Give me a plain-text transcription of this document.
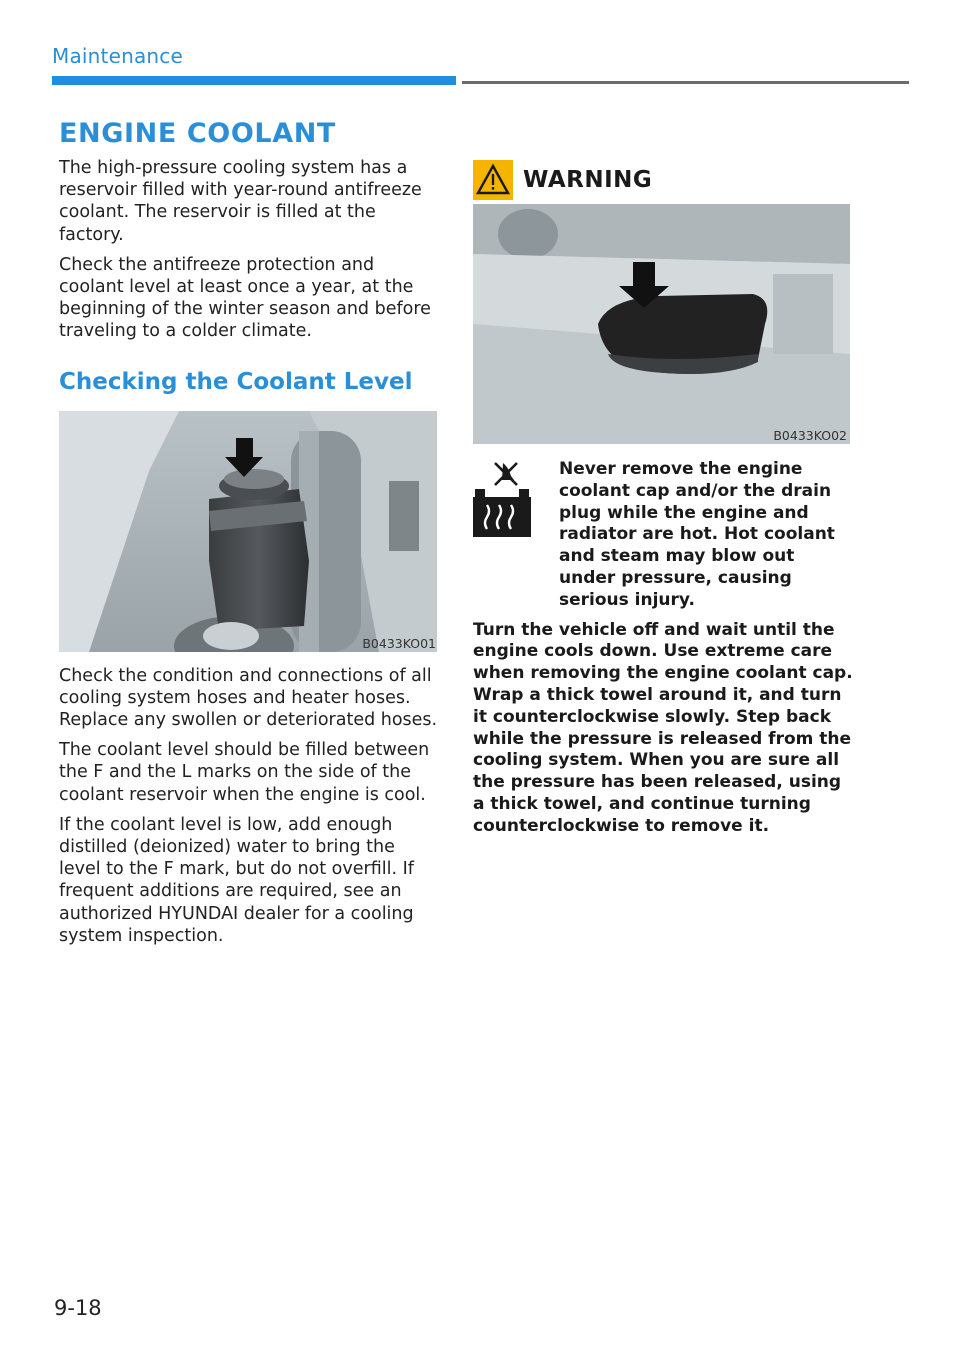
Maintenance
ENGINE COOLANT

The high-pressure cooling system has a reservoir filled with year-round antifreeze coolant. The reservoir is filled at the factory.

Check the antifreeze protection and coolant level at least once a year, at the beginning of the winter season and before traveling to a colder climate.

Checking the Coolant Level
B0433KO01

Check the condition and connections of all cooling system hoses and heater hoses. Replace any swollen or deteriorated hoses.

The coolant level should be filled between the F and the L marks on the side of the coolant reservoir when the engine is cool.

If the coolant level is low, add enough distilled (deionized) water to bring the level to the F mark, but do not overfill. If frequent additions are required, see an authorized HYUNDAI dealer for a cooling system inspection.

WARNING
B0433KO02

Never remove the engine coolant cap and/or the drain plug while the engine and radiator are hot. Hot coolant and steam may blow out under pressure, causing serious injury.

Turn the vehicle off and wait until the engine cools down. Use extreme care when removing the engine coolant cap. Wrap a thick towel around it, and turn it counterclockwise slowly. Step back while the pressure is released from the cooling system. When you are sure all the pressure has been released, using a thick towel, and continue turning counterclockwise to remove it.

9-18
